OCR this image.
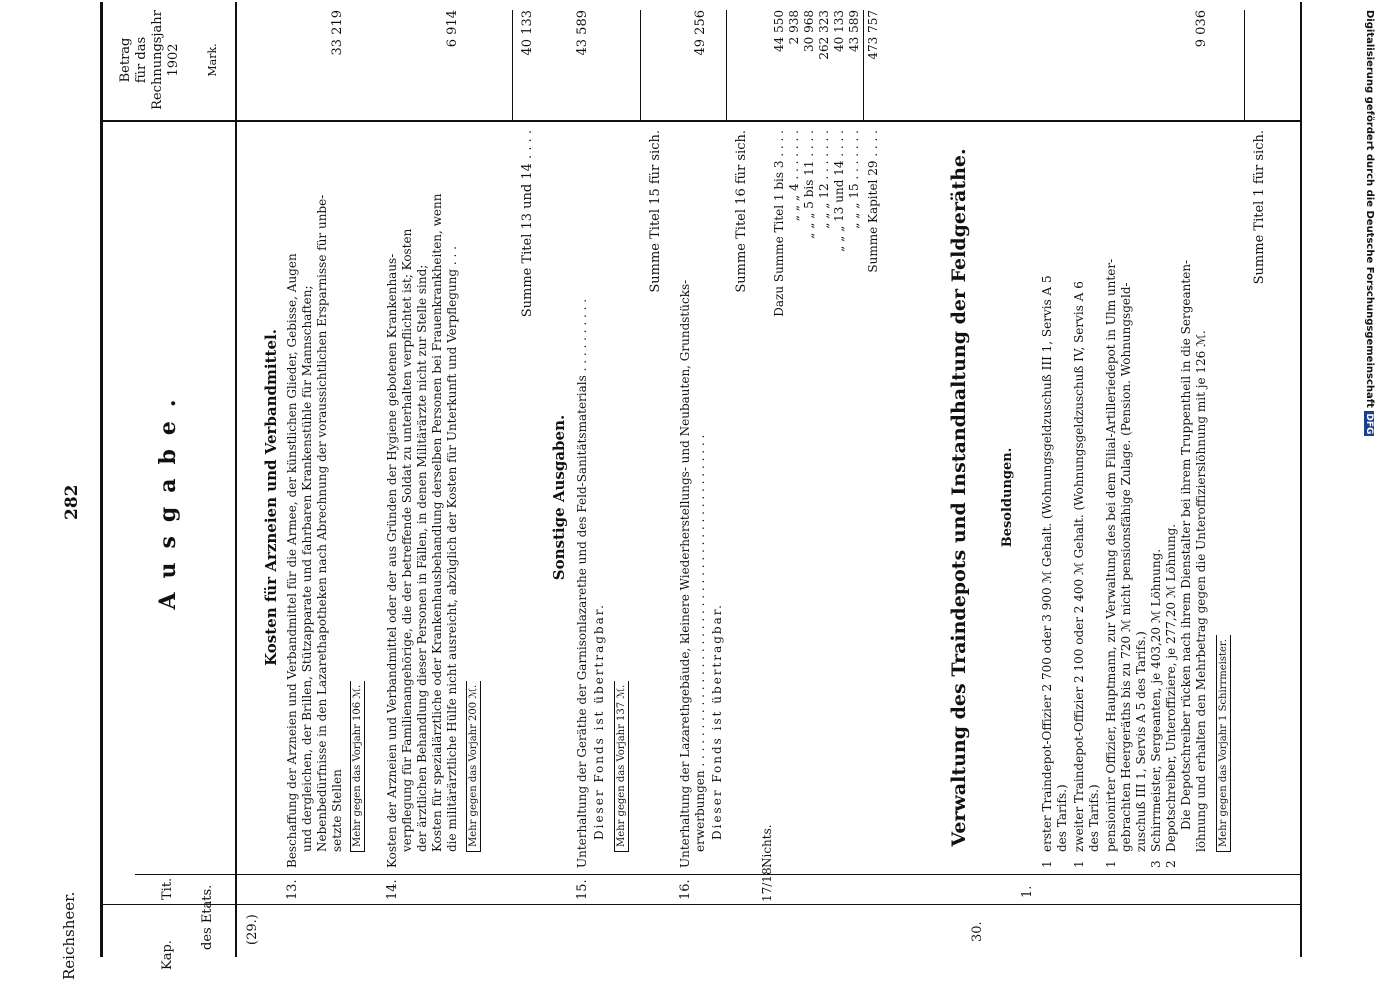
Digitalisierung gefördert durch die Deutsche Forschungsgemeinschaft DFG
Reichsheer.
282
Kap.
Tit. des Etats.
Betrag für das Rechnungsjahr 1902 Mark.
Ausgabe.
(29.)
Kosten für Arzneien und Verbandmittel.
13.
Beschaffung der Arzneien und Verbandmittel für die Armee, der künstlichen Glieder, Gebisse, Augen und dergleichen, der Brillen, Stützapparate und fahrbaren Krankenstühle für Mannschaften; Nebenbedürfnisse in den Lazarethapotheken nach Abrechnung der voraussichtlichen Ersparnisse für unbe- setzte Stellen Mehr gegen das Vorjahr 106 ℳ.
33 219
14.
Kosten der Arzneien und Verbandmittel oder der aus Gründen der Hygiene gebotenen Krankenhaus- verpflegung für Familienangehörige, die der betreffende Soldat zu unterhalten verpflichtet ist; Kosten der ärztlichen Behandlung dieser Personen in Fällen, in denen Militärärzte nicht zur Stelle sind; Kosten für spezialärztliche oder Krankenhausbehandlung derselben Personen bei Frauenkrankheiten, wenn die militärärztliche Hülfe nicht ausreicht, abzüglich der Kosten für Unterkunft und Verpflegung . . . Mehr gegen das Vorjahr 200 ℳ.
6 914
Summe Titel 13 und 14 . . . .
40 133
Sonstige Ausgaben.
15.
Unterhaltung der Geräthe der Garnisonlazarethe und des Feld-Sanitätsmaterials . . . . . . . . . . Dieser Fonds ist übertragbar. Mehr gegen das Vorjahr 137 ℳ.
43 589
Summe Titel 15 für sich.
16.
Unterhaltung der Lazarethgebäude, kleinere Wiederherstellungs- und Neubauten, Grundstücks- erwerbungen . . . . . . . . . . . . . . . . . . . . . . . . . . . . . . . . . . . . . . . . . . . . Dieser Fonds ist übertragbar.
49 256
Summe Titel 16 für sich.
17/18.
Nichts.
Dazu Summe Titel 1 bis 3 . . . .
44 550
„ „ „ 4 . . . . . . .
2 938
„ „ „ 5 bis 11 . . . .
30 968
„ „ „ 12 . . . . . . .
262 323
„ „ „ 13 und 14 . . . .
40 133
„ „ „ 15 . . . . . . .
43 589
Summe Kapitel 29 . . . .
473 757
30.
Verwaltung des Traindepots und Instandhaltung der Feldgeräthe. Besoldungen.
1.
1
erster Traindepot-Offizier 2 700 oder 3 900 ℳ Gehalt. (Wohnungsgeldzuschuß III 1, Servis A 5 des Tarifs.)
1
zweiter Traindepot-Offizier 2 100 oder 2 400 ℳ Gehalt. (Wohnungsgeldzuschuß IV, Servis A 6 des Tarifs.)
1
pensionirter Offizier, Hauptmann, zur Verwaltung des bei dem Filial-Artilleriedepot in Ulm unter- gebrachten Heergeräths bis zu 720 ℳ nicht pensionsfähige Zulage. (Pension. Wohnungsgeld- zuschuß III 1, Servis A 5 des Tarifs.)
3
Schirrmeister, Sergeanten, je 403,20 ℳ Löhnung.
2
Depotschreiber, Unteroffiziere, je 277,20 ℳ Löhnung. Die Depotschreiber rücken nach ihrem Dienstalter bei ihrem Truppentheil in die Sergeanten- löhnung und erhalten den Mehrbetrag gegen die Unteroffizierslöhnung mit je 126 ℳ. Mehr gegen das Vorjahr 1 Schirrmeister.
9 036
Summe Titel 1 für sich.
